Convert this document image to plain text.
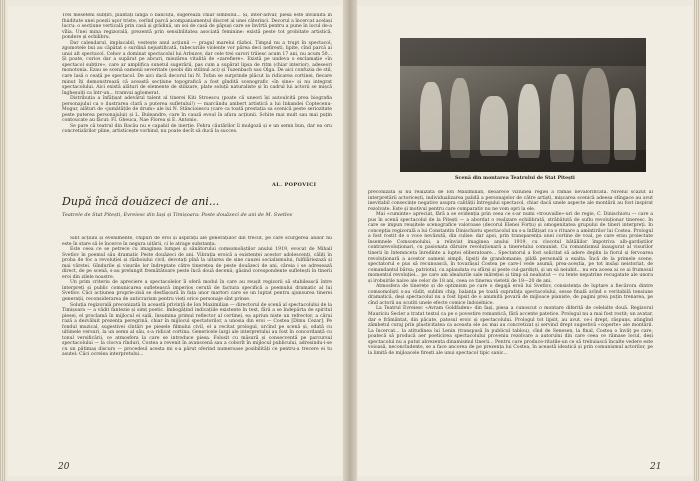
Trei meseteni subțiri, plantați lângă o băncuță, sugerează chiar simbolul... Și, inter-advar, piesa este învăluită în fluiditate unei poezii uşor triste, cerînd parcă acompaniamentul discret al unei căterinci. Decorul a încercat același lucru: o secțiune verticală prin casă și grădină, un soi de casă de păpuși care se învîrtă pentru a pune în locul de-a vîlia. Unei mina regizorală, prezentă prin sensibilitatea asociată feminine: există peste tot probitate artistică, pondere și echilibru.

Dar calendarul, implacabil, vestește anul acțiunii — pragul marelui război. Timpul nu a trupt în spectacol, zgomotele bui au căpătat o surdină nejustificată, tubecuriile violente vor părea deci nefirești, lipite, cînd parcă ai unui alt spectacol. Cehov a dominat spectacolul lui Arbuzov, dar cele trei surori trăiesc acum 17 ani, nu acum 50... Și poate, curios dar a supărat pe abcuri, miezărea vitalită de «zarefiere». Există pe undeva o exclamație «în spectacol subțire», care ar amplifica sunetul sugerării, pas cum a supărat lipsa de ritm (chiar interior), adeseori monotonia. Ezau se scenă oamenii severitate (șeobi din stilinul aci) și Tuzenbach sau Olga. De aici confuzia de stil, care lasă o ceață pe spectacol. De aici dacă decorul lui N. Tofan se surprinde plăcut la ridicarea cortinei, fiecare minut îți demonstrează că această secțiune topografică a fost gîndită scenografic «în sine» și nu integrat spectacolului. Aici există alături de elemente de stilizare, plate soluții naturaliste și în cadrul lui actorii se mișcă îngheșuiți ca într-un... tramvai aglomerat.

Distribuția a înfățișat adevărul talent al tinerei Kiti Stroescu (poate că uneori își autoulcită prea biografia personajului ca o ilustrarea clară a puterea sufletului!) — marcându ambert artistică a lui Inkandei Coptecenu-Mogur, alături de «jumătățile de drum» ale lui N. Stăncioiescu (care ca toată prestația sa scenică peste seriozitate peste puterea personajului) și L. Buleandre, care în cauză evoul în afara acțiunii. Schite mai mult sau mai puțin contoucate au făcut: Fl. Gheuca, Nae Florea și E. Antonio.

Se pare că teatrul din Bacău nu e capabil de inerție. Febra căutărilor îi mulgoză și e un semn bun, dar ea oru concretizărilor pline, artisticește vorbind, nu poate decît să ducă la succes.

AL. POPOVICI
După încă douăzeci de ani...
Teatrele de Stat Pitești, Evreiesc din Iași și Timișoara: Poste douăzeci de ani de M. Svetlov

Sînt acțiuni și evenimente, chipuri de eroi și aspirații ale generațiilor din trecut, pe care scurgerea anilor nu este în stare să le încerce în negura uitării, ci le atrage substanța.

Este ceea ce se petrece cu imaginea lumpei și sănătorului comsomoliștilor anului 1919, evocat de Mihail Svetlov în poemul său dramatic Peste douăzeci de ani. Vibrația eroică a existenței acestor adolescenți, căliți în proba de foc a revoluției și războiului civil, devotați pînă la uitarea de sine cauzei socialismului, fulfilăriezază și mai vârstei. Gîndurile și visurile lor îndreptate către tinerețea de peste douăzeci de ani, căreia i se adresează direct, de pe scenă, s-au prelungit fremătătoare peste încă două decenii, găsind corespondente sufletești în tinerii eroi din zilele noastre.

Un prim criteriu de apreciere a spectacolelor îl oferă modul în care au reușit regizorii să stabilească între interpreți și public comunicarea sufletească imperios cerută de factura specifică a poemului dramatic al lui Svetlov. Căci acțiunea proprie-zisă se desfășoară în fața unor martori care se un luptat pentru ajunsurea tinerei generații, reconsiderarea de anticrarism pentru vieți orice personaje sînt prinse.

Soluția regizorală preconizată în această privință de Ion Maximilian — directorul de scenă al spectacolului de la Timișoara — a vădit fantezie și simț poetic. Imbogățind indicațiile existente în text, fără a se îndepărta de spiritul piesei, el proclamă în mijlocul ei sală, însumina primul reflector al cortinei, ea apriun niste un refrector, a cărui rază a dezvăluit prezența peregrină, chiar în mijlocul spectatorilor, a unosia din eroi — Costea [Dimu Cezar]. Pe fondul muzical, sugestivei cîntări pe piesele filmului civil, el a recitat prologul, urcînd pe scenă și, odată cu ultimele versuri, la un semn al său, s-a ridicat cortina. Genericele largi ale interpretului au fost în concordanță cu tonul versificării, ce atmosfera la care se introduce piesa. Folosit cu măsură și consecventă pe parcursul spectacolului — la clocva rînduri, Costea a revenit în avanscenă sau a coborît în mijlocul publicului, adresindu-i-se cu un pătimaș discurs — procedeul acesta mi s-a părut oferind numeroase posibilități ce pentru-a trecere ei tu asutel: Căci ocrelea interpretului...

20
Scenă din montarea Teatrului de Stat Pitești

preconizată și nu realizată de Ion Maximilian, deoarece viziunea regiei a rămas nevalorificată. Nivelul scăzut al interpretării actoricești, individualizarea palidă a personajelor de către artiști, mișcarea scenică adeesa stîngace au avut inevitabil consecințe negative asupra calității întregului spectacol, chiar dacă unele aspecte ale montării au fost inspirat rezolvate. Este și motivul pentru care comparativ nu ne vom opri la ele.

Mai «cuminte» apreciat, fără a se evidenția prin ceea ce s-ar numi «trouvaille»-uri de regie, C. Dinischiotu — care a pus în scenă spectacolul de la Pitești — a abordat o realizare echilibrată, străbătută de suflu revoluționar tineresc. In care se impun reușitele scenografice valoroase (decorul Elenei Forțu) și omogenitatea grupului de tineri interpreți. In concepția regizorală a lui Constantin Dinischiotu spectacolul nu s-a înfățișat ca o rituare a amintirilor lui Costea. Prologul a fost rostit de o voce nevăzută, din culise: dar apoi, prin transparența unei cortine de voal, pe care erau proiectate însemnele Comsomolului, a reînviat imaginea anului 1919, cu clocotul bătăliilor împotriva alb-gardiștilor contrarevoluționari, cu pasionata dăruire revoluționară a tineretului comunist. Cu romantismul inaugurat al visurilor tinerii în întemnceta înredinte a luptei eliberatoare... Spectatorul a fost solicitat să adere deplin la fiorul și fervoarea revoluționară a acestor oameni simpli, lipsiți de grandomanie, pildă personală a exalta. Încă de la primele scene, spectatorul e pus să recunoască, în tovarășul Costea pe care-l vede asumă, prea-aceștia, pe tot insăși neistoriat, de comandantul bârsa; patriotul, cu aplaudata cu sfârși și peste cul-gardiști, și un să neiubit... nu era aceea ai ce ai frumosul momentul revoluției... pe care am idealurile sale măreției și timp să neabatut — cu tente nepatrine recugatate ale unora și irobuirile naive ale celor de 18 ani, ceea ce tinerea vietetii de 18—20 de ani.

Atmosfera de tinerețe și de optimism pe care o degajă eroii lui Svetlov, consistența de luptare a fiecărora dintre comsomoliști s-au vădit, sublim chip, balanța pe toată suprafața spectacolului, sesse finală avînd o veritabilă tensiune dramatică, deși spectacolul nu a fost lipsit de o anumită povară de mijloace pianiste, de pagini prea puțin trenarea, pe cînd actorii au scutiti unele efecte comice îndoielnice.

La Teatrul Evreiesc «Avram Goldfaden» din Iași, piesa a cunoscut o montare diferită de celelalte două. Regizorul Mauriciu Secler a tratat textul ca pe o povestire romantică, fără accente patetice. Prologul nu a mai fost rostit; un avatar, dar e frământat, din păcate, patosul eroic și spectacolului. Prologul tot lipsit, au avut, ce-i drept, răspuns, atingînd zâmbetul curaj prin plasticitatea ca aceasta ele au mai au concretizat și servind drept sugestivă «coperte» ale montării. La încercat... la atitudinea lui Lenin (transpusă în publicul tablou), cînd de Senesen, la final, Costea o învăț pe care, poatecă să producă aer poeticirea spectacolului proveniu rezolvare a autorului din care ceea ce rămase locul, deși spectacolul nu a putut abrezenta dinamismul tinerii... Pentru care produce-ritatile-un ce să trebuiască încalte vedere este voioasă, neconcludente, se a face ancorea de pe prezența lui Costea, în această ideatică și prin comunismul actorilor, pe la limită de mijloacele firești ale unui spectacol tipic sanic...

21
